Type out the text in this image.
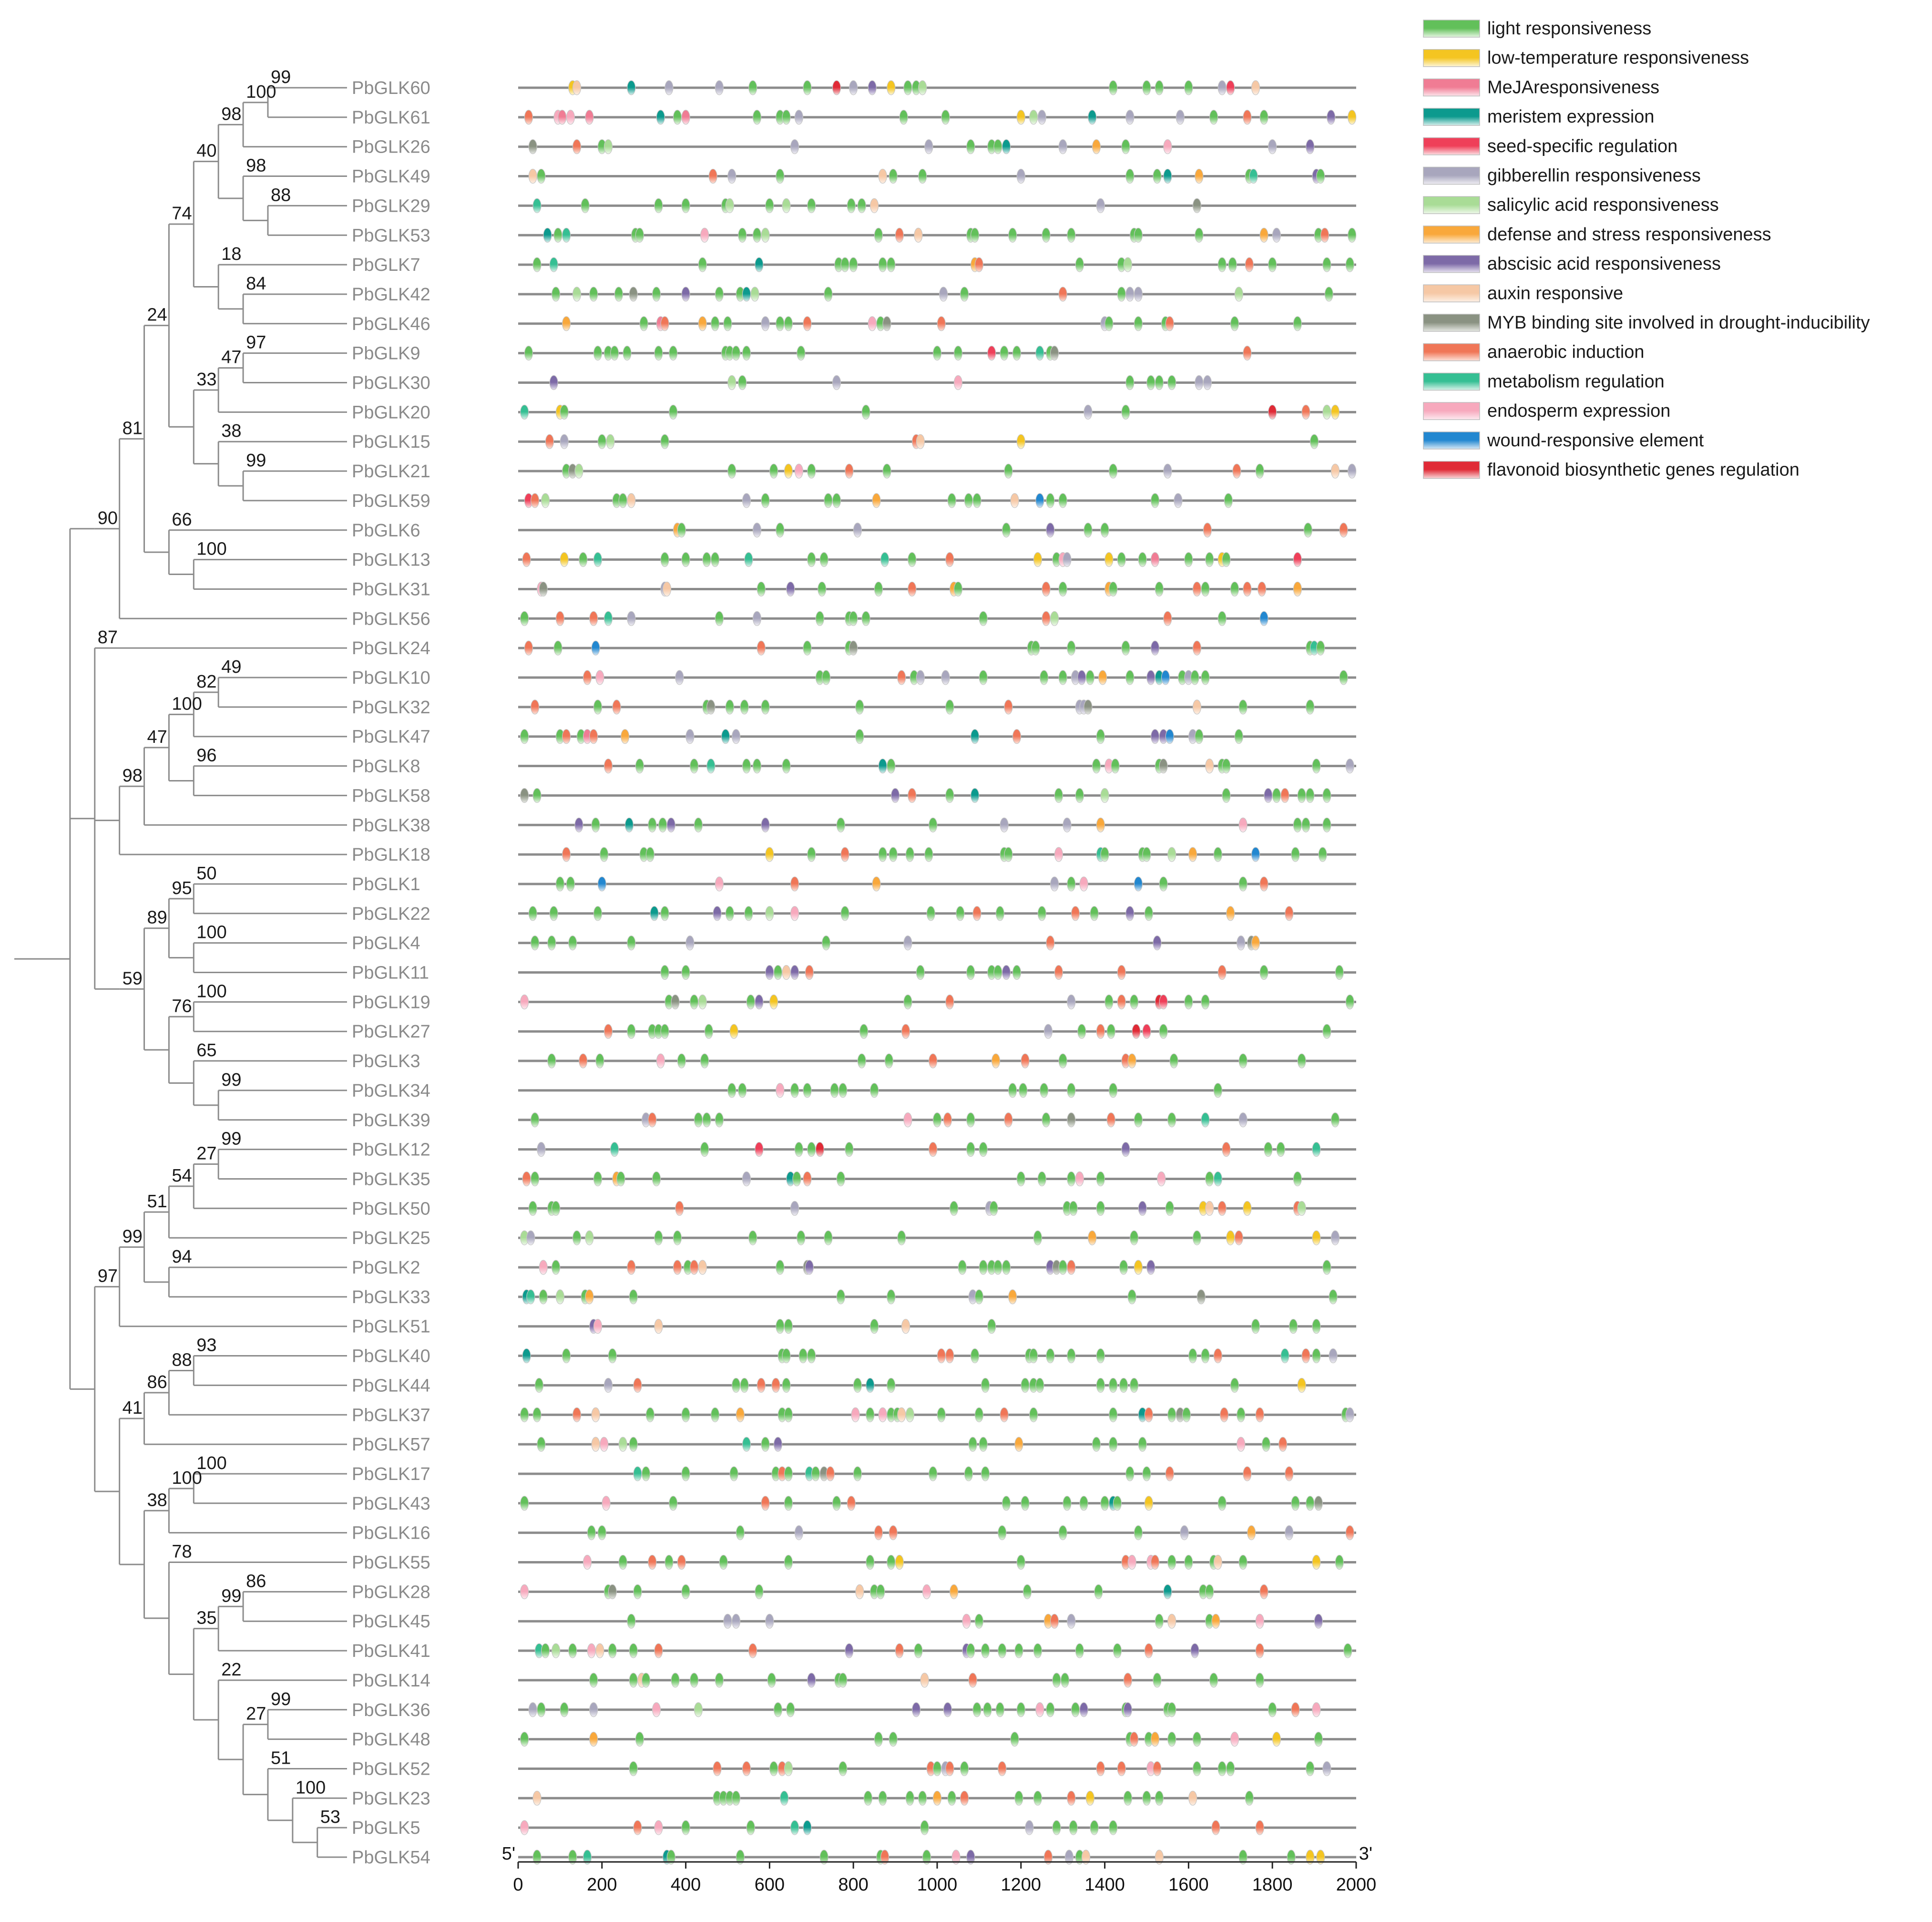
99
100
88
98
98
84
18
40
97
47
99
38
33
74
100
66
24
81
90
49
82
96
100
47
98
50
100
95
100
99
65
76
89
59
87
99
27
54
94
51
99
93
88
86
100
100
86
99
99
53
100
51
27
22
35
78
38
41
97
PbGLK60
PbGLK61
PbGLK26
PbGLK49
PbGLK29
PbGLK53
PbGLK7
PbGLK42
PbGLK46
PbGLK9
PbGLK30
PbGLK20
PbGLK15
PbGLK21
PbGLK59
PbGLK6
PbGLK13
PbGLK31
PbGLK56
PbGLK24
PbGLK10
PbGLK32
PbGLK47
PbGLK8
PbGLK58
PbGLK38
PbGLK18
PbGLK1
PbGLK22
PbGLK4
PbGLK11
PbGLK19
PbGLK27
PbGLK3
PbGLK34
PbGLK39
PbGLK12
PbGLK35
PbGLK50
PbGLK25
PbGLK2
PbGLK33
PbGLK51
PbGLK40
PbGLK44
PbGLK37
PbGLK57
PbGLK17
PbGLK43
PbGLK16
PbGLK55
PbGLK28
PbGLK45
PbGLK41
PbGLK14
PbGLK36
PbGLK48
PbGLK52
PbGLK23
PbGLK5
PbGLK54
0	200	400	600	800	1000 1200 1400 1600 1800 2000
5'	3'
light responsiveness
low-temperature responsiveness
MeJAresponsiveness
meristem expression
seed-specific regulation
gibberellin responsiveness
salicylic acid responsiveness
defense and stress responsiveness
abscisic acid responsiveness
auxin responsive
MYB binding site involved in drought-inducibility
anaerobic induction
metabolism regulation
endosperm expression
wound-responsive element
flavonoid biosynthetic genes regulation
